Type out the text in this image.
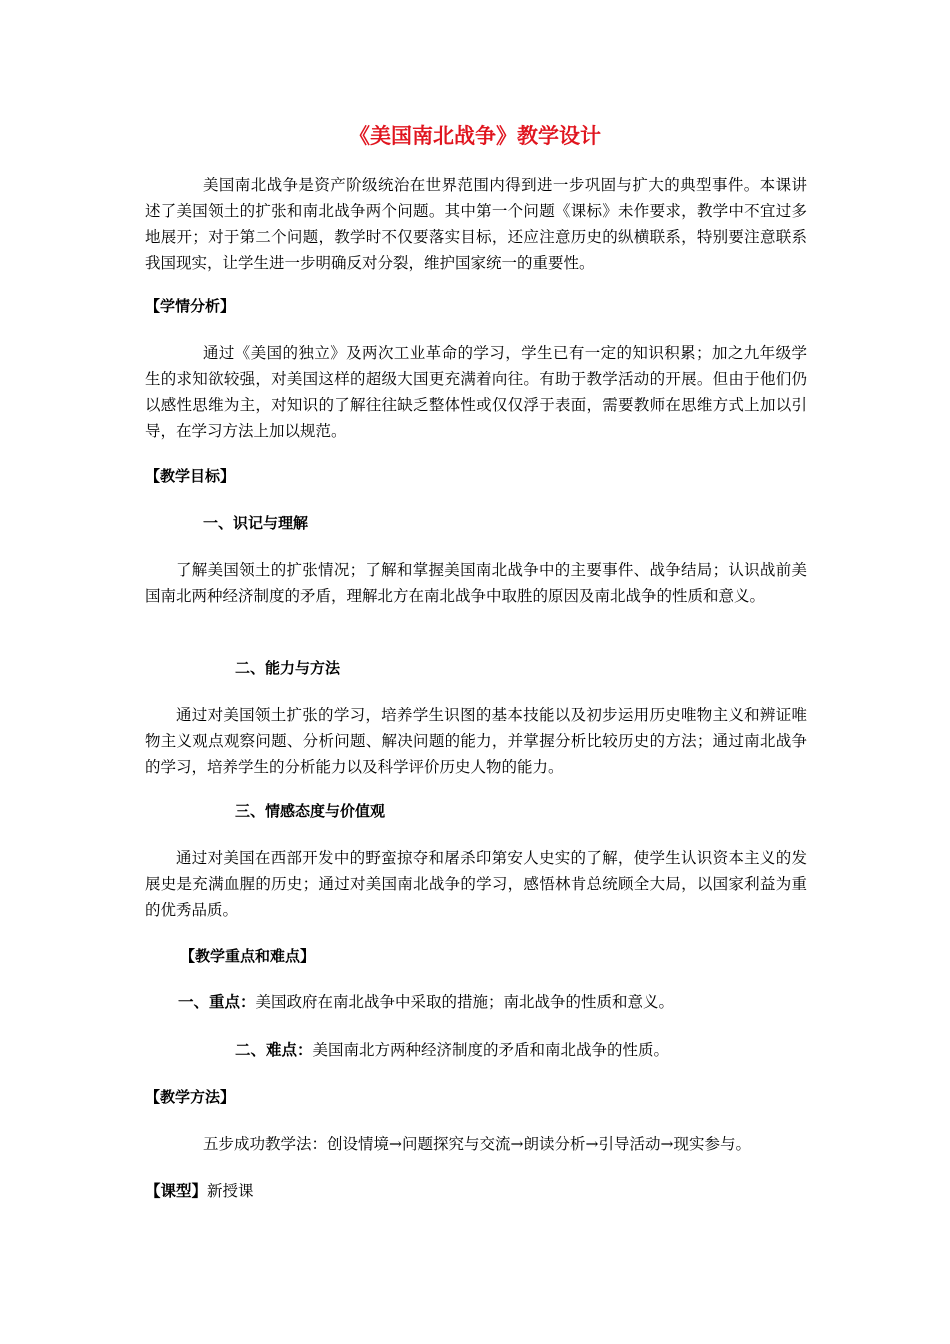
《美国南北战争》教学设计

美国南北战争是资产阶级统治在世界范围内得到进一步巩固与扩大的典型事件。本课讲述了美国领土的扩张和南北战争两个问题。其中第一个问题《课标》未作要求，教学中不宜过多地展开；对于第二个问题，教学时不仅要落实目标，还应注意历史的纵横联系，特别要注意联系我国现实，让学生进一步明确反对分裂，维护国家统一的重要性。

【学情分析】

通过《美国的独立》及两次工业革命的学习，学生已有一定的知识积累；加之九年级学生的求知欲较强，对美国这样的超级大国更充满着向往。有助于教学活动的开展。但由于他们仍以感性思维为主，对知识的了解往往缺乏整体性或仅仅浮于表面，需要教师在思维方式上加以引导，在学习方法上加以规范。

【教学目标】
一、识记与理解

了解美国领土的扩张情况；了解和掌握美国南北战争中的主要事件、战争结局；认识战前美国南北两种经济制度的矛盾，理解北方在南北战争中取胜的原因及南北战争的性质和意义。

二、能力与方法

通过对美国领土扩张的学习，培养学生识图的基本技能以及初步运用历史唯物主义和辨证唯物主义观点观察问题、分析问题、解决问题的能力，并掌握分析比较历史的方法；通过南北战争的学习，培养学生的分析能力以及科学评价历史人物的能力。

三、情感态度与价值观

通过对美国在西部开发中的野蛮掠夺和屠杀印第安人史实的了解，使学生认识资本主义的发展史是充满血腥的历史；通过对美国南北战争的学习，感悟林肯总统顾全大局，以国家利益为重的优秀品质。

【教学重点和难点】
一、重点：美国政府在南北战争中采取的措施；南北战争的性质和意义。
二、难点：美国南北方两种经济制度的矛盾和南北战争的性质。
【教学方法】
五步成功教学法：创设情境→问题探究与交流→朗读分析→引导活动→现实参与。
【课型】新授课
